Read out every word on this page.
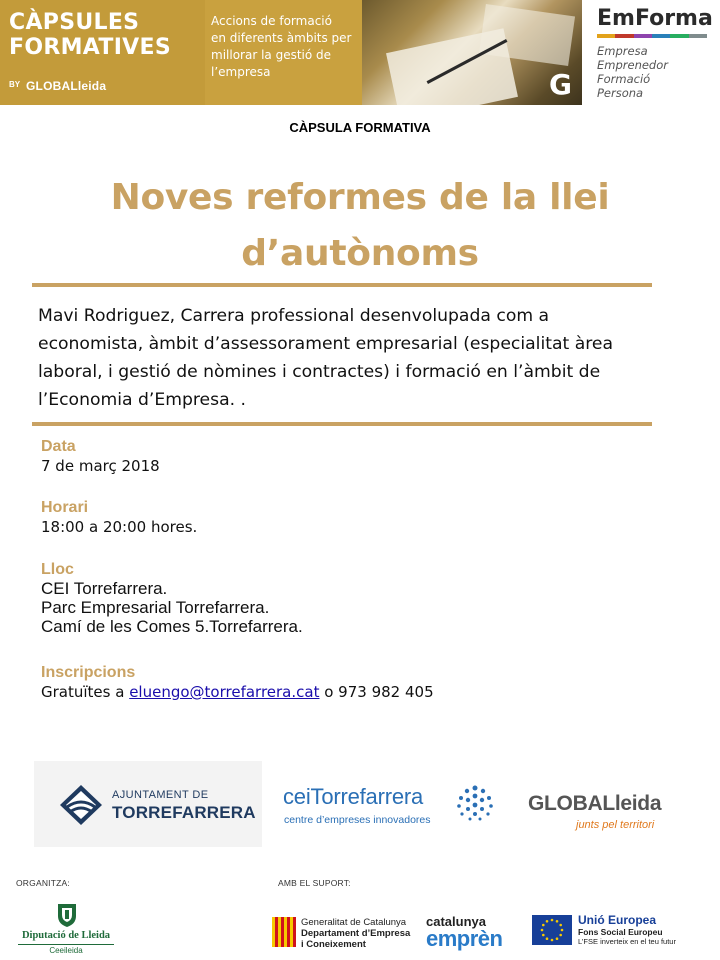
CÀPSULES
FORMATIVES
BY GLOBALleida
Accions de formació
en diferents àmbits per
millorar la gestió de
l’empresa	G
EmForma
Empresa
Emprenedor
Formació
Persona
CÀPSULA FORMATIVA
Noves reformes de la llei
d’autònoms
Mavi Rodriguez, Carrera professional desenvolupada com a
economista, àmbit d’assessorament empresarial (especialitat àrea
laboral, i gestió de nòmines i contractes) i formació en l’àmbit de
l’Economia d’Empresa. .
Data
7 de març 2018
Horari
18:00 a 20:00 hores.
Lloc
CEI Torrefarrera.
Parc Empresarial Torrefarrera.
Camí de les Comes 5.Torrefarrera.
Inscripcions
Gratuïtes a eluengo@torrefarrera.cat o 973 982 405
AJUNTAMENT DE
TORREFARRERA
ceiTorrefarrera
centre d’empreses innovadores
GLOBALleida
junts pel territori
ORGANITZA:	AMB EL SUPORT:
Diputació de Lleida
Ceeileida
Generalitat de Catalunya
Departament d’Empresa
i Coneixement
catalunya
emprèn
Unió Europea
Fons Social Europeu
L’FSE inverteix en el teu futur
